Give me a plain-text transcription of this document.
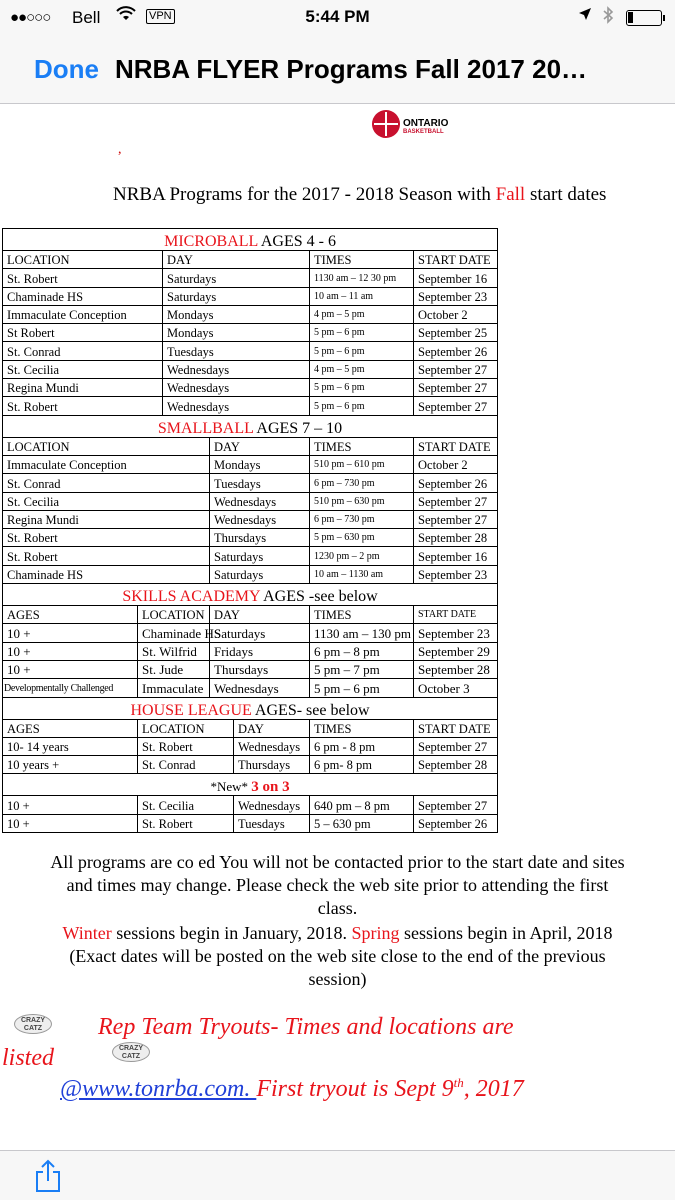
●●○○○ Bell	VPN	5:44 PM
Done NRBA FLYER Programs Fall 2017 20…
ONTARIO
BASKETBALL
,
NRBA Programs for the 2017 - 2018 Season with Fall start dates
MICROBALL AGES 4 - 6						
LOCATION		DAY			TIMES	START DATE
St. Robert		Saturdays			1130 am – 12 30 pm	September 16
Chaminade HS		Saturdays			10 am – 11 am	September 23
Immaculate Conception		Mondays			4 pm – 5 pm	October 2
St Robert		Mondays			5 pm – 6 pm	September 25
St. Conrad		Tuesdays			5 pm – 6 pm	September 26
St. Cecilia		Wednesdays			4 pm – 5 pm	September 27
Regina Mundi		Wednesdays			5 pm – 6 pm	September 27
St. Robert		Wednesdays			5 pm – 6 pm	September 27
SMALLBALL AGES 7 – 10						
LOCATION			DAY		TIMES	START DATE
Immaculate Conception			Mondays		510 pm – 610 pm	October 2
St. Conrad			Tuesdays		6 pm – 730 pm	September 26
St. Cecilia			Wednesdays		510 pm – 630 pm	September 27
Regina Mundi			Wednesdays		6 pm – 730 pm	September 27
St. Robert			Thursdays		5 pm – 630 pm	September 28
St. Robert			Saturdays		1230 pm – 2 pm	September 16
Chaminade HS			Saturdays		10 am – 1130 am	September 23
SKILLS ACADEMY AGES -see below						
AGES	LOCATION		DAY		TIMES	START DATE
10 +	Chaminade HS		Saturdays		1130 am – 130 pm	September 23
10 +	St. Wilfrid		Fridays		6 pm – 8 pm	September 29
10 +	St. Jude		Thursdays		5 pm – 7 pm	September 28
Developmentally Challenged	Immaculate		Wednesdays		5 pm – 6 pm	October 3
HOUSE LEAGUE AGES- see below						
AGES	LOCATION			DAY	TIMES	START DATE
10- 14 years	St. Robert			Wednesdays	6 pm - 8 pm	September 27
10 years +	St. Conrad			Thursdays	6 pm- 8 pm	September 28
*New* 3 on 3						
10 +	St. Cecilia			Wednesdays	640 pm – 8 pm	September 27
10 +	St. Robert			Tuesdays	5 – 630 pm	September 26
All programs are co ed You will not be contacted prior to the start date and sites
and times may change. Please check the web site prior to attending the first
class.
Winter sessions begin in January, 2018. Spring sessions begin in April, 2018
(Exact dates will be posted on the web site close to the end of the previous
session)
CRAZY CATZ	Rep Team Tryouts- Times and locations are
listed	CRAZY CATZ
@www.tonrba.com. First tryout is Sept 9th, 2017
